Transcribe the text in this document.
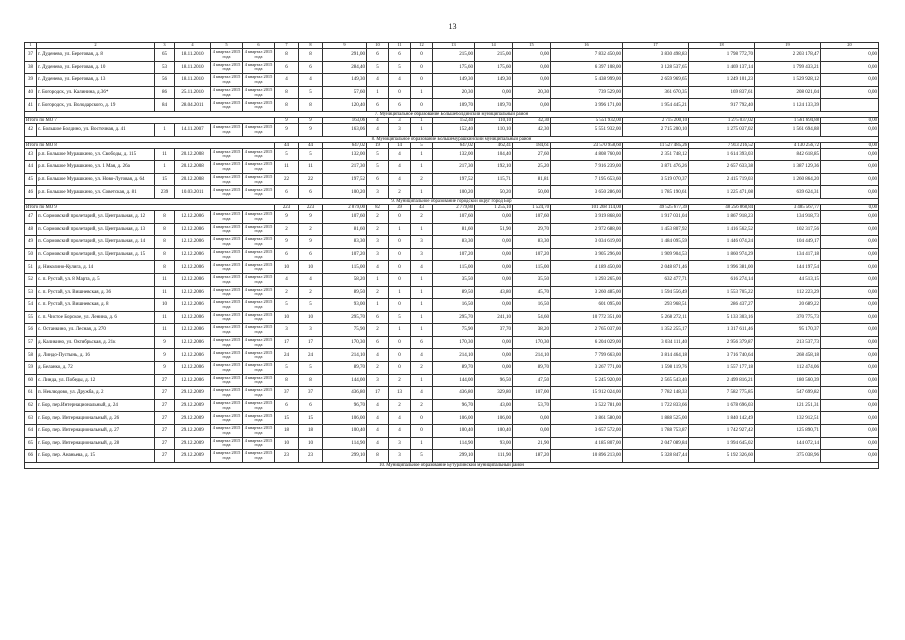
13
1	2	3	4	5	6	7	8	9	10	11	12	13	14	15	16	17	18	19	20
37	г. Дуденево, ул. Береговая, д. 8	65	18.11.2010	4 квартал 2015 года	4 квартал 2015 года	8	8	291,00	6	6	0	215,00	215,00	0,00	7 832 450,00	3 830 498,83	1 798 772,70	2 203 178,47	0,00
38	г. Дуденево, ул. Береговая, д. 10	53	18.11.2010	4 квартал 2015 года	4 квартал 2015 года	6	6	284,40	5	5	0	175,60	175,60	0,00	6 397 108,00	3 128 537,65	1 469 137,14	1 799 433,21	0,00
39	г. Дуденево, ул. Береговая, д. 13	56	18.11.2010	4 квартал 2015 года	4 квартал 2015 года	4	4	149,30	4	4	0	149,30	149,30	0,00	5 438 999,00	2 659 969,65	1 249 101,23	1 529 928,12	0,00
40	г. Богородск, ул. Калинина, д.36*	86	25.11.2010	4 квартал 2015 года	4 квартал 2015 года	8	5	57,60	1	0	1	20,30	0,00	20,30	739 529,00	361 670,35	169 837,61	208 021,04	0,00
41	г. Богородск, ул. Володарского, д. 19	84	28.04.2011	4 квартал 2015 года	4 квартал 2015 года	8	8	120,40	6	6	0	109,70	109,70	0,00	3 996 171,00	1 954 445,21	917 792,40	1 124 133,39	
7. Муниципальное образование Большеболдинский муниципальный район																			
Итого по МО 7						9	9	163,06	4	3	1	152,40	110,10	42,30	5 551 932,00	2 715 200,10	1 275 037,02	1 561 694,88	0,00
42	с. Большое Болдино, ул. Восточная, д. 41	1	14.11.2007	4 квартал 2015 года	4 квартал 2015 года	9	9	163,06	4	3	1	152,40	110,10	42,30	5 551 932,00	2 715 200,10	1 275 037,02	1 561 694,88	0,00
8. Муниципальное образование Большемурашкинский муниципальный район																			
Итого по МО 8						44	44	647,02	19	14	5	647,02	462,41	184,61	23 570 958,60	11 527 485,26	7 913 216,52	4 130 256,72	0,00
43	р.п. Большое Мурашкино, ул. Свободы, д. 115	11	20.12.2008	4 квартал 2015 года	4 квартал 2015 года	5	5	132,00	5	4	1	132,00	104,40	27,60	4 808 760,00	2 351 748,12	1 614 393,03	842 618,85	0,00
44	р.п. Большое Мурашкино, ул. 1 Мая, д. 26а	1	20.12.2008	4 квартал 2015 года	4 квартал 2015 года	11	11	217,30	5	4	1	217,30	192,10	25,20	7 916 239,00	3 871 476,26	2 657 633,38	1 387 129,36	0,00
45	р.п. Большое Мурашкино, ул. Ново-Луговая, д. 64	15	20.12.2008	4 квартал 2015 года	4 квартал 2015 года	22	22	197,52	6	4	2	197,52	115,71	81,81	7 195 653,60	3 519 070,37	2 415 719,03	1 260 864,20	0,00
46	р.п. Большое Мурашкино, ул. Советская, д. 81	239	10.03.2011	4 квартал 2015 года	4 квартал 2015 года	6	6	100,20	3	2	1	100,20	50,20	50,00	3 650 286,00	1 785 190,61	1 225 471,08	639 624,31	0,00
9. Муниципальное образование городской округ город Бор																			
Итого по МО 9						223	223	2 879,00	82	39	43	2 779,80	1 255,10	1 524,70	101 268 114,00	49 525 677,39	48 256 868,84	3 485 567,77	0,00
47	п. Сормовский пролетарий, ул. Центральная, д. 12	8	12.12.2006	4 квартал 2015 года	4 квартал 2015 года	9	9	107,60	2	0	2	107,60	0,00	107,60	3 919 868,00	1 917 031,04	1 867 918,23	134 918,73	0,00
48	п. Сормовский пролетарий, ул. Центральная, д. 13	8	12.12.2006	4 квартал 2015 года	4 квартал 2015 года	2	2	81,60	2	1	1	81,60	51,90	29,70	2 972 688,00	1 453 807,92	1 416 562,52	102 317,56	0,00
49	п. Сормовский пролетарий, ул. Центральная, д. 14	8	12.12.2006	4 квартал 2015 года	4 квартал 2015 года	9	9	83,30	3	0	3	83,30	0,00	83,30	3 034 619,00	1 484 095,59	1 446 074,24	104 449,17	0,00
50	п. Сормовский пролетарий, ул. Центральная, д. 15	8	12.12.2006	4 квартал 2015 года	4 квартал 2015 года	6	6	107,20	3	0	3	107,20	0,00	107,20	3 905 296,00	1 909 904,53	1 860 974,29	134 417,18	0,00
51	д. Николино-Кулига, д. 14	8	12.12.2006	4 квартал 2015 года	4 квартал 2015 года	10	10	115,00	4	0	4	115,00	0,00	115,00	4 189 450,00	2 048 871,46	1 996 381,00	144 197,54	0,00
52	с. п. Рустай, ул. 8 Марта, д. 5	11	12.12.2006	4 квартал 2015 года	4 квартал 2015 года	4	4	58,20	1	0	1	35,50	0,00	35,50	1 293 265,00	632 477,71	616 274,14	44 513,15	0,00
53	с. п. Рустай, ул. Вишневская, д. 36	11	12.12.2006	4 квартал 2015 года	4 квартал 2015 года	2	2	89,50	2	1	1	89,50	43,80	45,70	3 260 485,00	1 594 556,49	1 553 705,22	112 223,29	0,00
54	с. п. Рустай, ул. Вишневская, д. 8	10	12.12.2006	4 квартал 2015 года	4 квартал 2015 года	5	5	93,00	1	0	1	16,50	0,00	16,50	601 095,00	293 968,51	286 437,27	20 689,22	0,00
55	с. п. Чистое Борское, ул. Ленина, д. 6	11	12.12.2006	4 квартал 2015 года	4 квартал 2015 года	10	10	295,70	6	5	1	295,70	241,10	54,60	10 772 351,00	5 268 272,11	5 133 303,16	370 775,73	0,00
56	с. Останкино, ул. Лесная, д. 270	11	12.12.2006	4 квартал 2015 года	4 квартал 2015 года	3	3	75,90	2	1	1	75,90	37,70	38,20	2 765 037,00	1 352 255,17	1 317 611,46	95 170,37	0,00
57	д. Каликино, ул. Октябрьская, д. 21к	9	12.12.2006	4 квартал 2015 года	4 квартал 2015 года	17	17	170,30	6	0	6	170,30	0,00	170,30	6 204 029,00	3 034 111,40	2 956 379,87	213 537,73	0,00
58	д. Линдо-Пустынь, д. 16	9	12.12.2006	4 квартал 2015 года	4 квартал 2015 года	24	24	214,10	4	0	4	214,10	0,00	214,10	7 799 663,00	3 814 464,18	3 716 740,64	268 458,18	0,00
59	д. Беланко, д. 72	9	12.12.2006	4 квартал 2015 года	4 квартал 2015 года	5	5	89,70	2	0	2	89,70	0,00	89,70	3 267 771,00	1 598 119,76	1 557 177,18	112 474,06	0,00
60	с. Линда, ул. Победы, д. 12	27	12.12.2006	4 квартал 2015 года	4 квартал 2015 года	8	8	144,00	3	2	1	144,00	96,50	47,50	5 245 920,00	2 565 543,40	2 499 816,21	180 560,39	0,00
61	п. Неклюдово, ул. Дружба, д. 2	27	29.12.2009	4 квартал 2015 года	4 квартал 2015 года	37	37	436,80	17	13	4	436,80	329,80	107,00	15 912 024,00	7 782 148,33	7 582 775,85	547 699,82	0,00
62	г. Бор, пер.Интернациональный, д. 24	27	29.12.2009	4 квартал 2015 года	4 квартал 2015 года	6	6	96,70	4	2	2	96,70	43,00	53,70	3 522 781,00	1 722 833,66	1 678 696,03	121 251,31	0,00
63	г. Бор, пер. Интернациональный, д. 26	27	29.12.2009	4 квартал 2015 года	4 квартал 2015 года	15	15	106,00	4	4	0	106,00	106,00	0,00	3 861 580,00	1 888 525,00	1 840 142,49	132 912,51	0,00
64	г. Бор, пер. Интернациональный, д. 27	27	29.12.2009	4 квартал 2015 года	4 квартал 2015 года	18	18	100,40	4	4	0	100,40	100,40	0,00	3 657 572,00	1 788 753,87	1 742 927,42	125 890,71	0,00
65	г. Бор, пер. Интернациональный, д. 28	27	29.12.2009	4 квартал 2015 года	4 квартал 2015 года	10	10	114,90	4	3	1	114,90	93,00	21,90	4 185 807,00	2 047 089,84	1 994 645,02	144 072,14	0,00
66	г. Бор, пер. Ананьева, д. 15	27	29.12.2009	4 квартал 2015 года	4 квартал 2015 года	23	23	299,10	8	3	5	299,10	111,90	187,20	10 896 213,00	5 328 847,44	5 192 326,60	375 038,96	0,00
10. Муниципальное образование Бутурлинский муниципальный район																			
